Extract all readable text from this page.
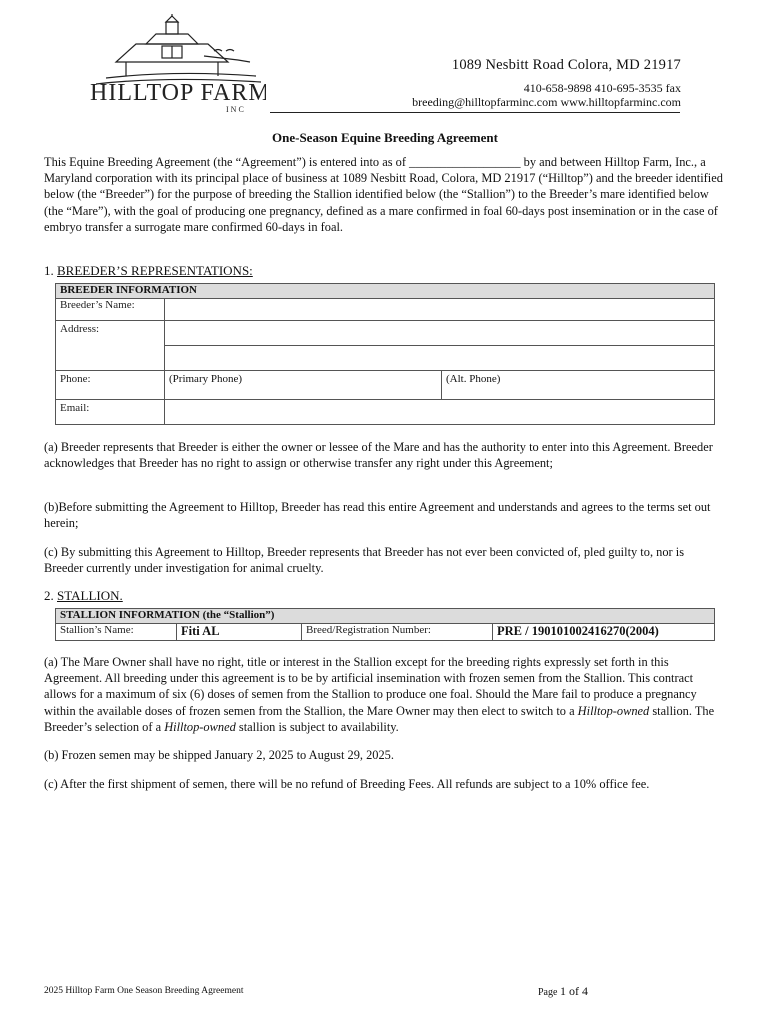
HILLTOP FARM
INC
1089 Nesbitt Road Colora, MD 21917
410-658-9898 410-695-3535 fax
breeding@hilltopfarminc.com www.hilltopfarminc.com
One-Season Equine Breeding Agreement
This Equine Breeding Agreement (the “Agreement”) is entered into as of __________________ by and between Hilltop Farm, Inc., a Maryland corporation with its principal place of business at 1089 Nesbitt Road, Colora, MD 21917 (“Hilltop”) and the breeder identified below (the “Breeder”) for the purpose of breeding the Stallion identified below (the “Stallion”) to the Breeder’s mare identified below (the “Mare”), with the goal of producing one pregnancy, defined as a mare confirmed in foal 60-days post insemination or in the case of embryo transfer a surrogate mare confirmed 60-days in foal.
1. BREEDER’S REPRESENTATIONS:
BREEDER INFORMATION		
Breeder’s Name:		
Address:		

Phone:	(Primary Phone)	(Alt. Phone)
Email:		
(a) Breeder represents that Breeder is either the owner or lessee of the Mare and has the authority to enter into this Agreement. Breeder acknowledges that Breeder has no right to assign or otherwise transfer any right under this Agreement;
(b)Before submitting the Agreement to Hilltop, Breeder has read this entire Agreement and understands and agrees to the terms set out herein;
(c) By submitting this Agreement to Hilltop, Breeder represents that Breeder has not ever been convicted of, pled guilty to, nor is Breeder currently under investigation for animal cruelty.
2. STALLION.
STALLION INFORMATION (the “Stallion”)
Stallion’s Name:	Fiti AL	Breed/Registration Number:	PRE / 190101002416270(2004)
(a) The Mare Owner shall have no right, title or interest in the Stallion except for the breeding rights expressly set forth in this Agreement. All breeding under this agreement is to be by artificial insemination with frozen semen from the Stallion. This contract allows for a maximum of six (6) doses of semen from the Stallion to produce one foal. Should the Mare fail to produce a pregnancy within the available doses of frozen semen from the Stallion, the Mare Owner may then elect to switch to a Hilltop-owned stallion. The Breeder’s selection of a Hilltop-owned stallion is subject to availability.
(b) Frozen semen may be shipped January 2, 2025 to August 29, 2025.
(c) After the first shipment of semen, there will be no refund of Breeding Fees. All refunds are subject to a 10% office fee.
2025 Hilltop Farm One Season Breeding Agreement	Page 1 of 4
